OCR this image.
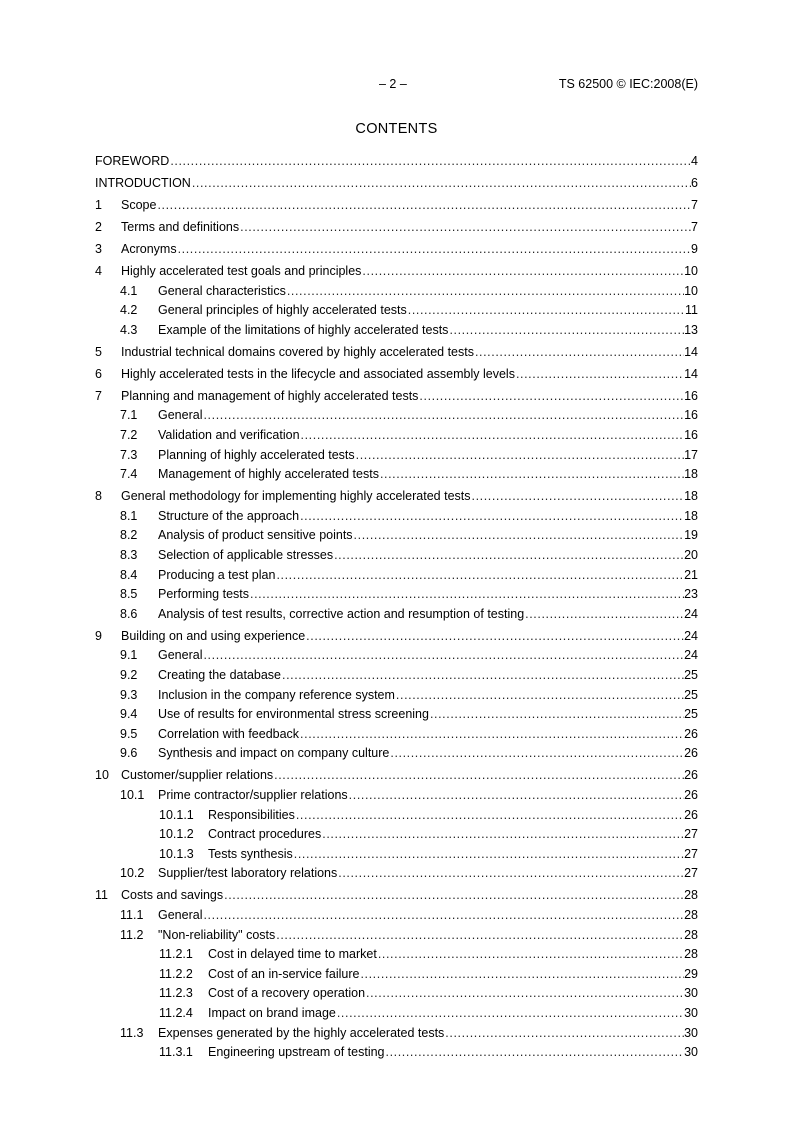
– 2 –	TS 62500 © IEC:2008(E)
CONTENTS
FOREWORD .....	4
INTRODUCTION .....	6
1	Scope .....	7
2	Terms and definitions .....	7
3	Acronyms .....	9
4	Highly accelerated test goals and principles .....	10
4.1	General characteristics .....	10
4.2	General principles of highly accelerated tests .....	11
4.3	Example of the limitations of highly accelerated tests .....	13
5	Industrial technical domains covered by highly accelerated tests .....	14
6	Highly accelerated tests in the lifecycle and associated assembly levels .....	14
7	Planning and management of highly accelerated tests .....	16
7.1	General .....	16
7.2	Validation and verification .....	16
7.3	Planning of highly accelerated tests .....	17
7.4	Management of highly accelerated tests .....	18
8	General methodology for implementing highly accelerated tests .....	18
8.1	Structure of the approach .....	18
8.2	Analysis of product sensitive points .....	19
8.3	Selection of applicable stresses .....	20
8.4	Producing a test plan .....	21
8.5	Performing tests .....	23
8.6	Analysis of test results, corrective action and resumption of testing .....	24
9	Building on and using experience .....	24
9.1	General .....	24
9.2	Creating the database .....	25
9.3	Inclusion in the company reference system .....	25
9.4	Use of results for environmental stress screening .....	25
9.5	Correlation with feedback .....	26
9.6	Synthesis and impact on company culture .....	26
10 Customer/supplier relations .....	26
10.1	Prime contractor/supplier relations .....	26
10.1.1	Responsibilities .....	26
10.1.2	Contract procedures .....	27
10.1.3	Tests synthesis .....	27
10.2	Supplier/test laboratory relations .....	27
11	Costs and savings .....	28
11.1	General .....	28
11.2	"Non-reliability" costs .....	28
11.2.1	Cost in delayed time to market .....	28
11.2.2	Cost of an in-service failure .....	29
11.2.3	Cost of a recovery operation .....	30
11.2.4	Impact on brand image .....	30
11.3	Expenses generated by the highly accelerated tests .....	30
11.3.1	Engineering upstream of testing .....	30
